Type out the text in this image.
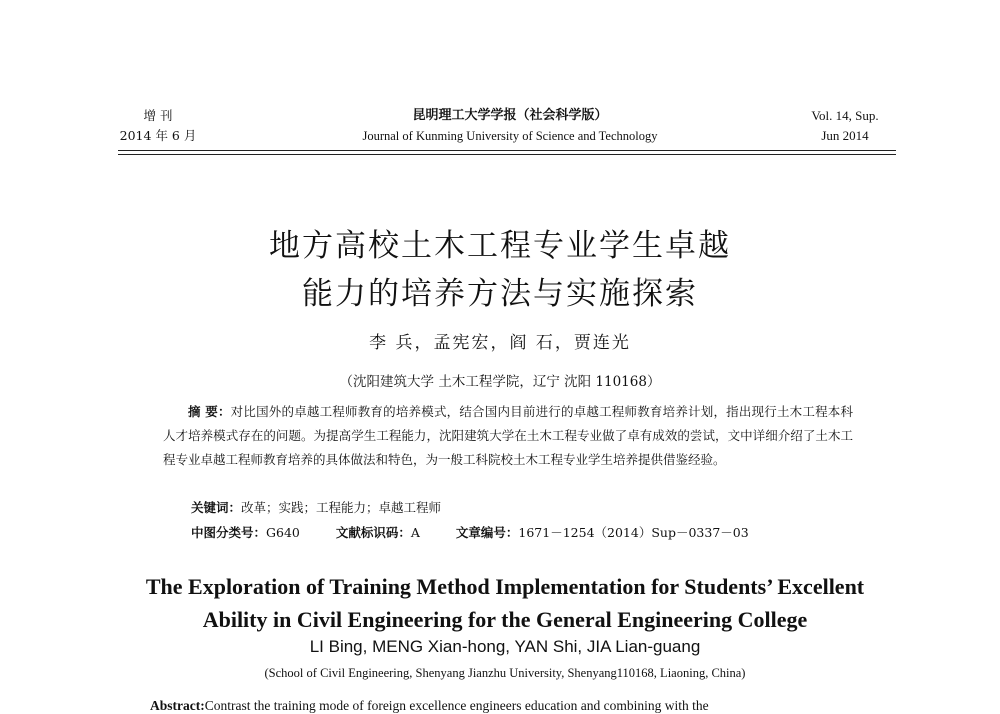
增 刊
2014 年 6 月
昆明理工大学学报（社会科学版）
Journal of Kunming University of Science and Technology
Vol. 14, Sup.
Jun 2014
地方高校土木工程专业学生卓越
能力的培养方法与实施探索
李 兵，孟宪宏，阎 石，贾连光
（沈阳建筑大学 土木工程学院，辽宁 沈阳 110168）
摘 要：对比国外的卓越工程师教育的培养模式，结合国内目前进行的卓越工程师教育培养计划，指出现行土木工程本科人才培养模式存在的问题。为提高学生工程能力，沈阳建筑大学在土木工程专业做了卓有成效的尝试，文中详细介绍了土木工程专业卓越工程师教育培养的具体做法和特色，为一般工科院校土木工程专业学生培养提供借鉴经验。
关键词：改革；实践；工程能力；卓越工程师
中图分类号：G640	文献标识码：A	文章编号：1671－1254（2014）Sup－0337－03
The Exploration of Training Method Implementation for Students’ Excellent
Ability in Civil Engineering for the General Engineering College
LI Bing, MENG Xian-hong, YAN Shi, JIA Lian-guang
(School of Civil Engineering, Shenyang Jianzhu University, Shenyang110168, Liaoning, China)
Abstract:Contrast the training mode of foreign excellence engineers education and combining with the
